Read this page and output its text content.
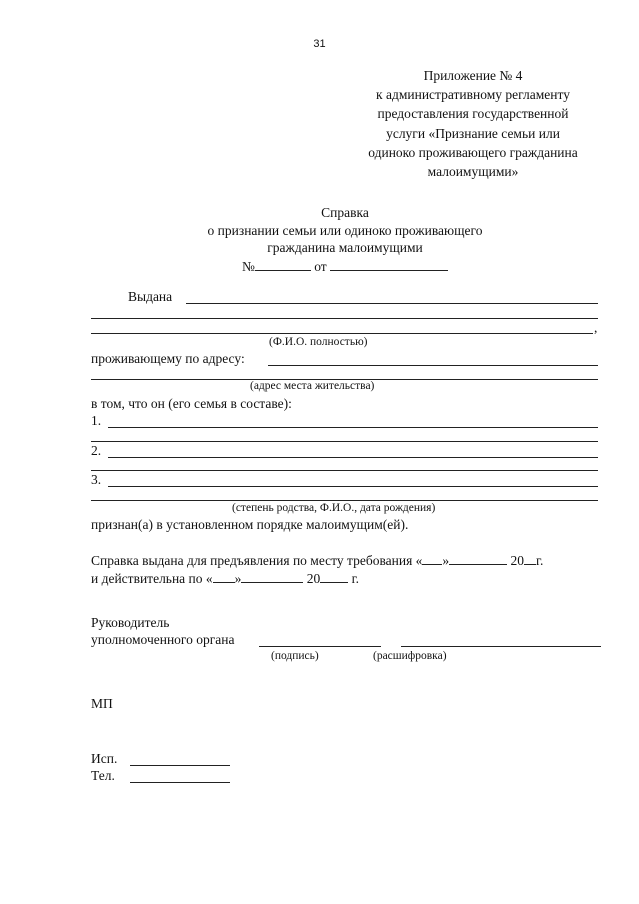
31
Приложение № 4
к административному регламенту
предоставления государственной
услуги «Признание семьи или
одиноко проживающего гражданина
малоимущими»
Справка
о признании семьи или одиноко проживающего
гражданина малоимущими
№	от
Выдана
,
(Ф.И.О. полностью)
проживающему по адресу:
(адрес места жительства)
в том, что он (его семья в составе):
1.
2.
3.
(степень родства, Ф.И.О., дата рождения)
признан(а) в установленном порядке малоимущим(ей).
Справка выдана для предъявления по месту требования « »	20 г.
и действительна по « »	20 г.
Руководитель
уполномоченного органа
(подпись)	(расшифровка)
МП
Исп.
Тел.
